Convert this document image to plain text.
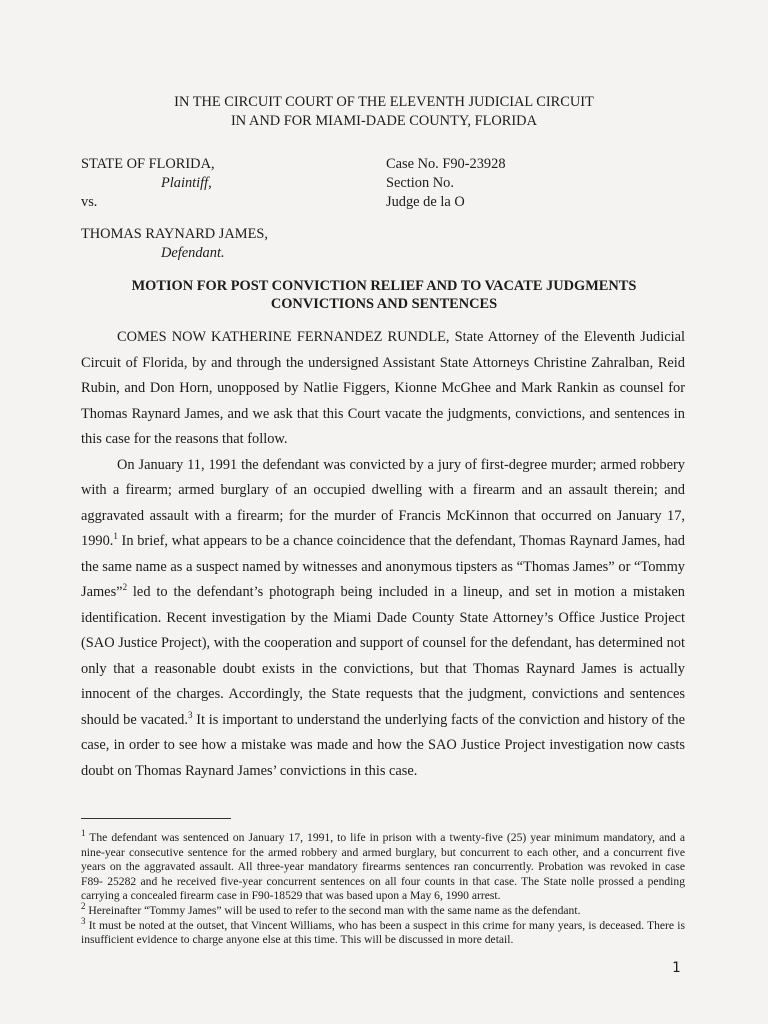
IN THE CIRCUIT COURT OF THE ELEVENTH JUDICIAL CIRCUIT
IN AND FOR MIAMI-DADE COUNTY, FLORIDA
STATE OF FLORIDA,
Plaintiff,
vs.
Case No. F90-23928
Section No.
Judge de la O
THOMAS RAYNARD JAMES,
Defendant.
MOTION FOR POST CONVICTION RELIEF AND TO VACATE JUDGMENTS
CONVICTIONS AND SENTENCES

COMES NOW KATHERINE FERNANDEZ RUNDLE, State Attorney of the Eleventh Judicial Circuit of Florida, by and through the undersigned Assistant State Attorneys Christine Zahralban, Reid Rubin, and Don Horn, unopposed by Natlie Figgers, Kionne McGhee and Mark Rankin as counsel for Thomas Raynard James, and we ask that this Court vacate the judgments, convictions, and sentences in this case for the reasons that follow.

On January 11, 1991 the defendant was convicted by a jury of first-degree murder; armed robbery with a firearm; armed burglary of an occupied dwelling with a firearm and an assault therein; and aggravated assault with a firearm; for the murder of Francis McKinnon that occurred on January 17, 1990.$^1$ In brief, what appears to be a chance coincidence that the defendant, Thomas Raynard James, had the same name as a suspect named by witnesses and anonymous tipsters as “Thomas James” or “Tommy James”$^2$ led to the defendant’s photograph being included in a lineup, and set in motion a mistaken identification. Recent investigation by the Miami Dade County State Attorney’s Office Justice Project (SAO Justice Project), with the cooperation and support of counsel for the defendant, has determined not only that a reasonable doubt exists in the convictions, but that Thomas Raynard James is actually innocent of the charges. Accordingly, the State requests that the judgment, convictions and sentences should be vacated.$^3$ It is important to understand the underlying facts of the conviction and history of the case, in order to see how a mistake was made and how the SAO Justice Project investigation now casts doubt on Thomas Raynard James’ convictions in this case.

$^1$ The defendant was sentenced on January 17, 1991, to life in prison with a twenty-five (25) year minimum mandatory, and a nine-year consecutive sentence for the armed robbery and armed burglary, but concurrent to each other, and a concurrent five years on the aggravated assault. All three-year mandatory firearms sentences ran concurrently. Probation was revoked in case F89- 25282 and he received five-year concurrent sentences on all four counts in that case. The State nolle prossed a pending carrying a concealed firearm case in F90-18529 that was based upon a May 6, 1990 arrest.

$^2$ Hereinafter “Tommy James” will be used to refer to the second man with the same name as the defendant.

$^3$ It must be noted at the outset, that Vincent Williams, who has been a suspect in this crime for many years, is deceased. There is insufficient evidence to charge anyone else at this time. This will be discussed in more detail.

1
